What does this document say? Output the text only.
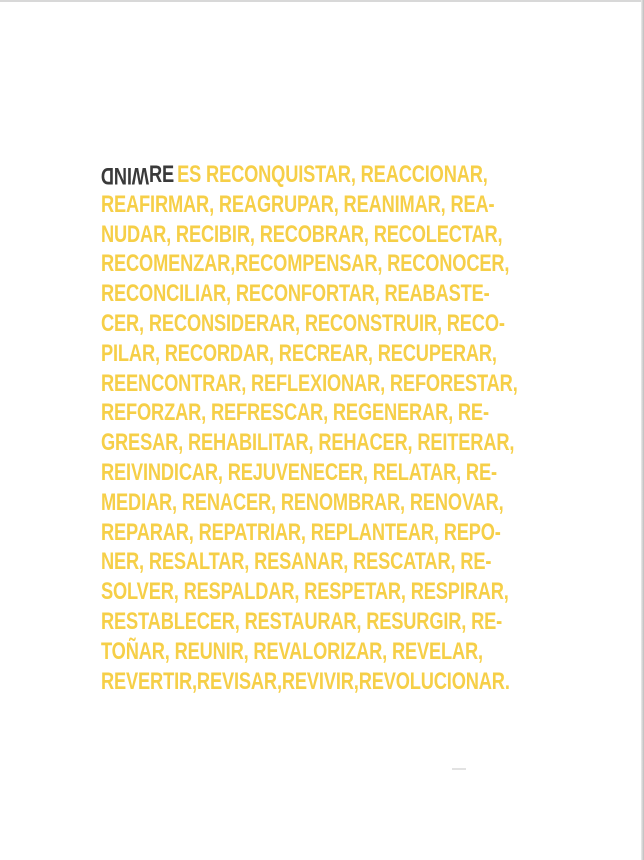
WINDRE ES RECONQUISTAR, REACCIONAR,
REAFIRMAR, REAGRUPAR, REANIMAR, REA-
NUDAR, RECIBIR, RECOBRAR, RECOLECTAR,
RECOMENZAR,RECOMPENSAR, RECONOCER,
RECONCILIAR, RECONFORTAR, REABASTE-
CER, RECONSIDERAR, RECONSTRUIR, RECO-
PILAR, RECORDAR, RECREAR, RECUPERAR,
REENCONTRAR, REFLEXIONAR, REFORESTAR,
REFORZAR, REFRESCAR, REGENERAR, RE-
GRESAR, REHABILITAR, REHACER, REITERAR,
REIVINDICAR, REJUVENECER, RELATAR, RE-
MEDIAR, RENACER, RENOMBRAR, RENOVAR,
REPARAR, REPATRIAR, REPLANTEAR, REPO-
NER, RESALTAR, RESANAR, RESCATAR, RE-
SOLVER, RESPALDAR, RESPETAR, RESPIRAR,
RESTABLECER, RESTAURAR, RESURGIR, RE-
TOÑAR, REUNIR, REVALORIZAR, REVELAR,
REVERTIR,REVISAR,REVIVIR,REVOLUCIONAR.
